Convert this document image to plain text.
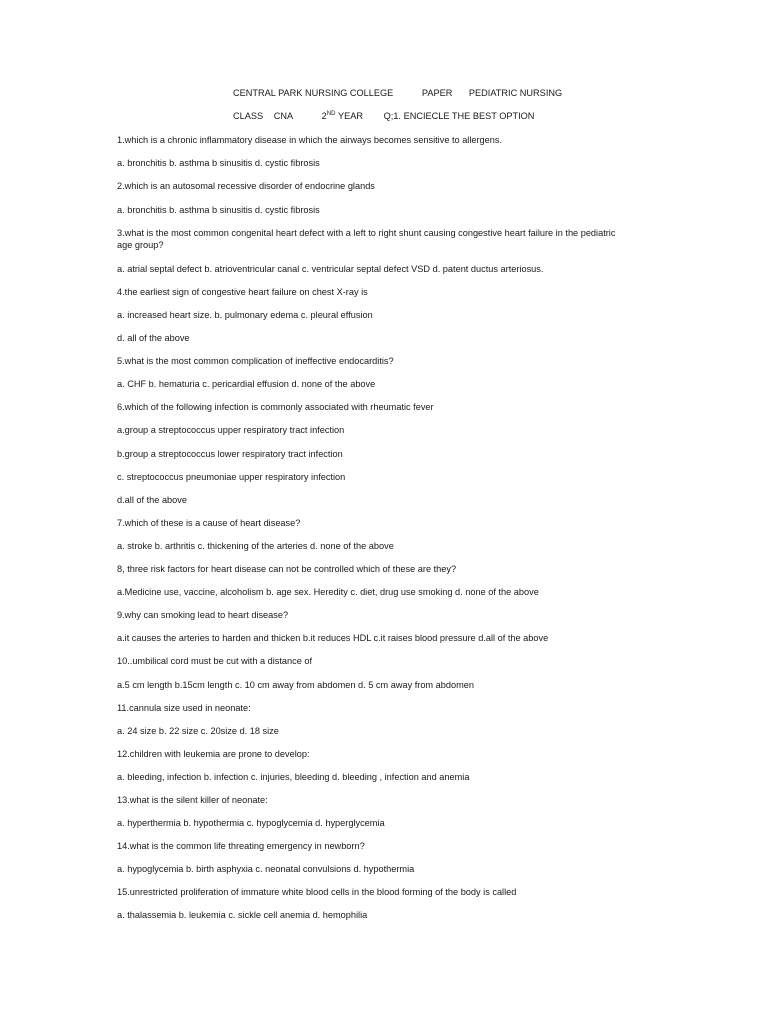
CENTRAL PARK NURSING COLLEGE	PAPER PEDIATRIC NURSING
CLASS CNA	2ND YEAR Q;1. ENCIECLE THE BEST OPTION
1.which is a chronic inflammatory disease in which the airways becomes sensitive to allergens.
a. bronchitis b. asthma b sinusitis d. cystic fibrosis
2.which is an autosomal recessive disorder of endocrine glands
a. bronchitis b. asthma b sinusitis d. cystic fibrosis
3.what is the most common congenital heart defect with a left to right shunt causing congestive heart failure in the pediatric age group?
a. atrial septal defect b. atrioventricular canal c. ventricular septal defect VSD d. patent ductus arteriosus.
4.the earliest sign of congestive heart failure on chest X-ray is
a. increased heart size. b. pulmonary edema c. pleural effusion
d. all of the above
5.what is the most common complication of ineffective endocarditis?
a. CHF b. hematuria c. pericardial effusion d. none of the above
6.which of the following infection is commonly associated with rheumatic fever
a.group a streptococcus upper respiratory tract infection
b.group a streptococcus lower respiratory tract infection
c. streptococcus pneumoniae upper respiratory infection
d.all of the above
7.which of these is a cause of heart disease?
a. stroke b. arthritis c. thickening of the arteries d. none of the above
8, three risk factors for heart disease can not be controlled which of these are they?
a.Medicine use, vaccine, alcoholism b. age sex. Heredity c. diet, drug use smoking d. none of the above
9.why can smoking lead to heart disease?
a.it causes the arteries to harden and thicken b.it reduces HDL c.it raises blood pressure d.all of the above
10..umbilical cord must be cut with a distance of
a.5 cm length b.15cm length c. 10 cm away from abdomen d. 5 cm away from abdomen
11.cannula size used in neonate:
a. 24 size b. 22 size c. 20size d. 18 size
12.children with leukemia are prone to develop:
a. bleeding, infection b. infection c. injuries, bleeding d. bleeding , infection and anemia
13.what is the silent killer of neonate:
a. hyperthermia b. hypothermia c. hypoglycemia d. hyperglycemia
14.what is the common life threating emergency in newborn?
a. hypoglycemia b. birth asphyxia c. neonatal convulsions d. hypothermia
15.unrestricted proliferation of immature white blood cells in the blood forming of the body is called
a. thalassemia b. leukemia c. sickle cell anemia d. hemophilia
